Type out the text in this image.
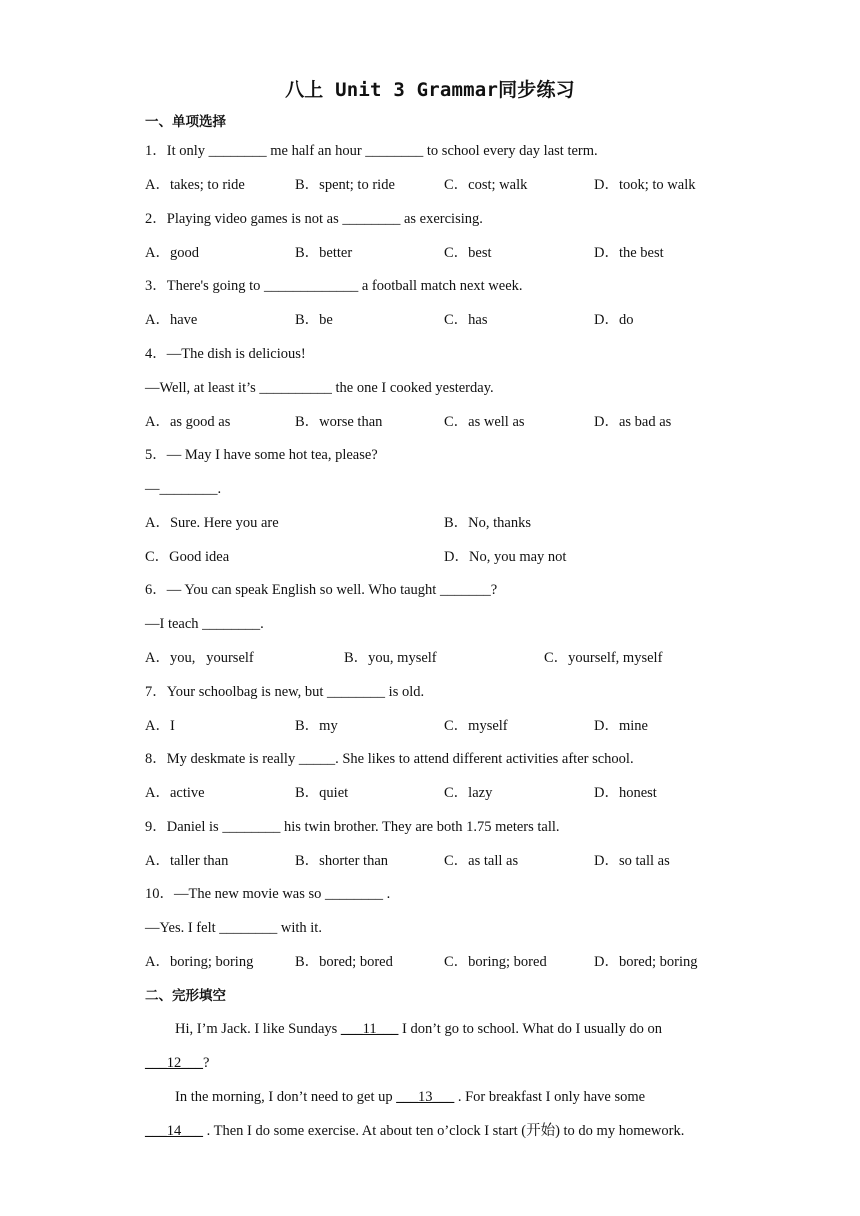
八上 Unit 3 Grammar同步练习
一、单项选择
1．It only ________ me half an hour ________ to school every day last term.
A．takes; to ride	B．spent; to ride	C．cost; walk	D．took; to walk
2．Playing video games is not as ________ as exercising.
A．good	B．better	C．best	D．the best
3．There's going to _____________ a football match next week.
A．have	B．be	C．has	D．do
4．—The dish is delicious!
—Well, at least it’s __________ the one I cooked yesterday.
A．as good as	B．worse than	C．as well as	D．as bad as
5．— May I have some hot tea, please?
—________.
A．Sure. Here you are	B．No, thanks
C．Good idea	D．No, you may not
6．— You can speak English so well. Who taught _______?
—I teach ________.
A．you,   yourself	B．you, myself	C．yourself, myself
7．Your schoolbag is new, but ________ is old.
A．I	B．my	C．myself	D．mine
8．My deskmate is really _____. She likes to attend different activities after school.
A．active	B．quiet	C．lazy	D．honest
9．Daniel is ________ his twin brother. They are both 1.75 meters tall.
A．taller than	B．shorter than	C．as tall as	D．so tall as
10．—The new movie was so ________ .
—Yes. I felt ________ with it.
A．boring; boring	B．bored; bored	C．boring; bored	D．bored; boring
二、完形填空
Hi, I’m Jack. I like Sundays ___11___ I don’t go to school. What do I usually do on
___12___?
In the morning, I don’t need to get up ___13___ . For breakfast I only have some
___14___ . Then I do some exercise. At about ten o’clock I start (开始) to do my homework.
